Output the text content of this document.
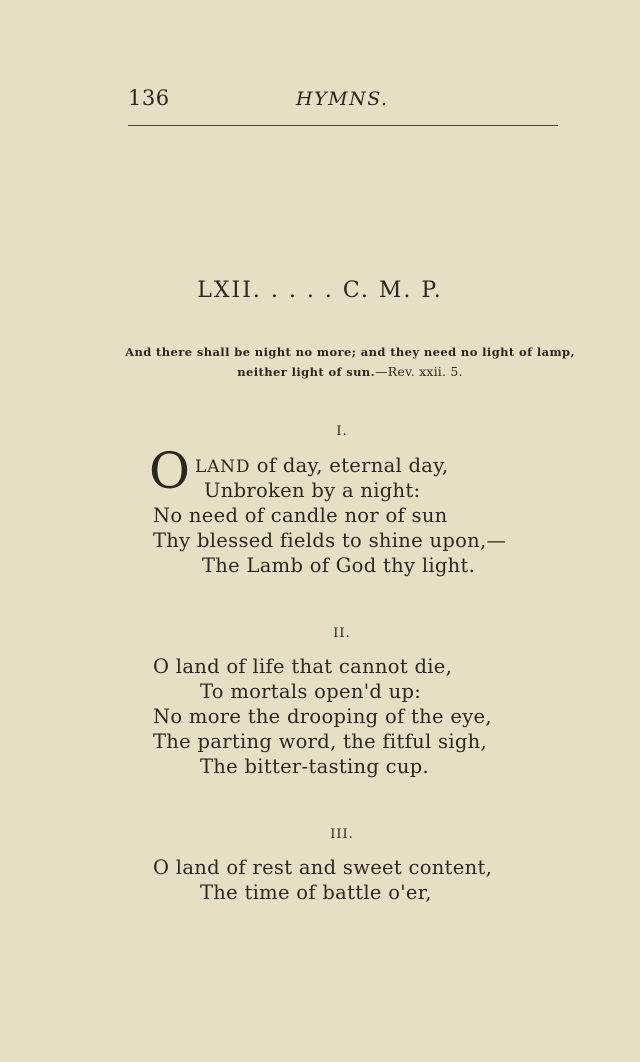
136	HYMNS.
LXII. . . . . C. M. P.
And there shall be night no more; and they need no light of lamp,
neither light of sun.—Rev. xxii. 5.
I.
O LAND of day, eternal day,
Unbroken by a night:
No need of candle nor of sun
Thy blessed fields to shine upon,—
The Lamb of God thy light.
II.
O land of life that cannot die,
To mortals open'd up:
No more the drooping of the eye,
The parting word, the fitful sigh,
The bitter-tasting cup.
III.
O land of rest and sweet content,
The time of battle o'er,
